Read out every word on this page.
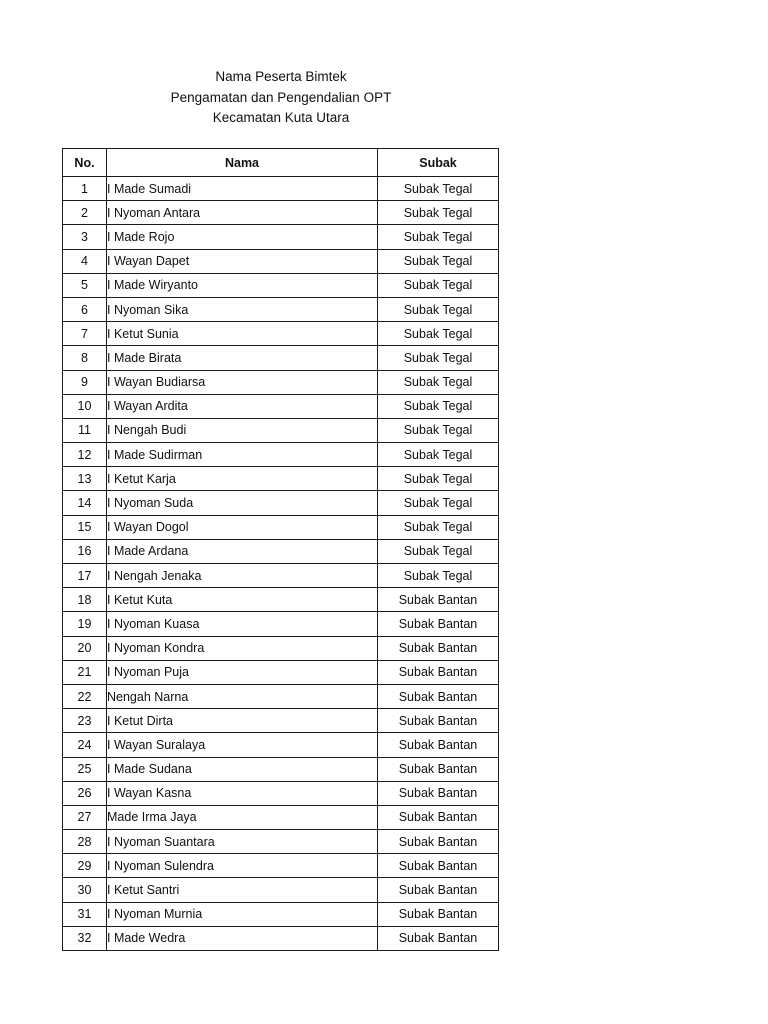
Nama Peserta Bimtek
Pengamatan dan Pengendalian OPT
Kecamatan Kuta Utara
No.	Nama	Subak
1	I Made Sumadi	Subak Tegal
2	I Nyoman Antara	Subak Tegal
3	I Made Rojo	Subak Tegal
4	I Wayan Dapet	Subak Tegal
5	I Made Wiryanto	Subak Tegal
6	I Nyoman Sika	Subak Tegal
7	I Ketut Sunia	Subak Tegal
8	I Made Birata	Subak Tegal
9	I Wayan Budiarsa	Subak Tegal
10	I Wayan Ardita	Subak Tegal
11	I Nengah Budi	Subak Tegal
12	I Made Sudirman	Subak Tegal
13	I Ketut Karja	Subak Tegal
14	I Nyoman Suda	Subak Tegal
15	I Wayan Dogol	Subak Tegal
16	I Made Ardana	Subak Tegal
17	I Nengah Jenaka	Subak Tegal
18	I Ketut Kuta	Subak Bantan
19	I Nyoman Kuasa	Subak Bantan
20	I Nyoman Kondra	Subak Bantan
21	I Nyoman Puja	Subak Bantan
22	Nengah Narna	Subak Bantan
23	I Ketut Dirta	Subak Bantan
24	I Wayan Suralaya	Subak Bantan
25	I Made Sudana	Subak Bantan
26	I Wayan Kasna	Subak Bantan
27	Made Irma Jaya	Subak Bantan
28	I Nyoman Suantara	Subak Bantan
29	I Nyoman Sulendra	Subak Bantan
30	I Ketut Santri	Subak Bantan
31	I Nyoman Murnia	Subak Bantan
32	I Made Wedra	Subak Bantan
